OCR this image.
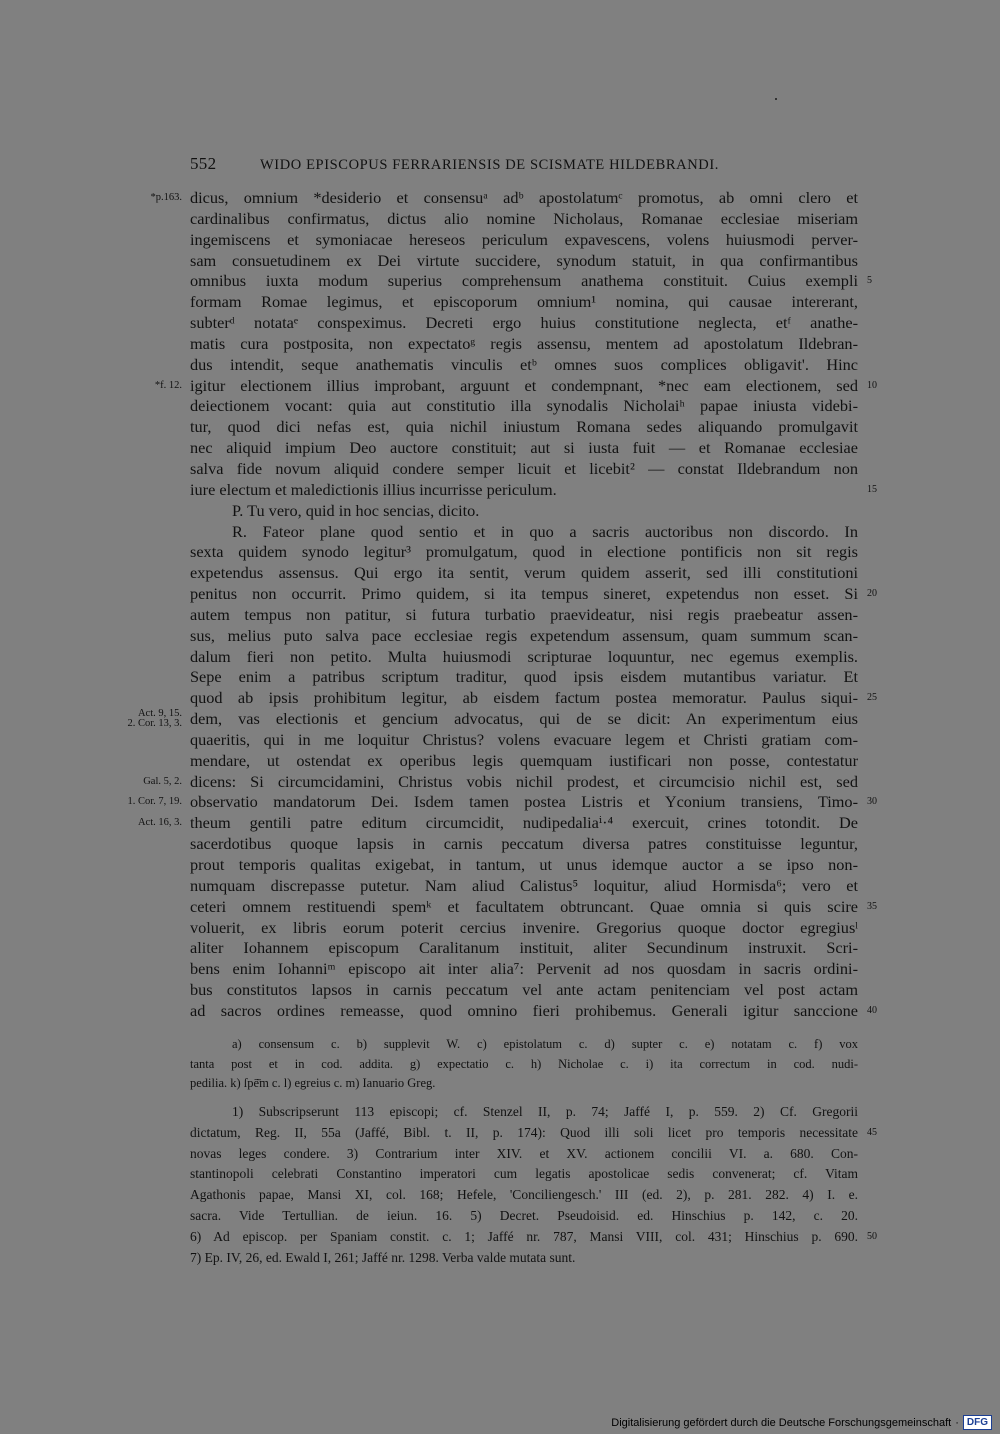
552	WIDO EPISCOPUS FERRARIENSIS DE SCISMATE HILDEBRANDI.
dicus, omnium *desiderio et consensuᵃ adᵇ apostolatumᶜ promotus, ab omni clero et
*p.163.
cardinalibus confirmatus, dictus alio nomine Nicholaus, Romanae ecclesiae miseriam
ingemiscens et symoniacae hereseos periculum expavescens, volens huiusmodi perver-
sam consuetudinem ex Dei virtute succidere, synodum statuit, in qua confirmantibus
omnibus iuxta modum superius comprehensum anathema constituit. Cuius exempli 5
formam Romae legimus, et episcoporum omnium¹ nomina, qui causae intererant,
subterᵈ notataᵉ conspeximus. Decreti ergo huius constitutione neglecta, etᶠ anathe-
matis cura postposita, non expectatoᵍ regis assensu, mentem ad apostolatum Ildebran-
dus intendit, seque anathematis vinculis etᵇ omnes suos complices obligavit'. Hinc
igitur electionem illius improbant, arguunt et condempnant, *nec eam electionem, sed
*f. 12.	10
deiectionem vocant: quia aut constitutio illa synodalis Nicholaiʰ papae iniusta videbi-
tur, quod dici nefas est, quia nichil iniustum Romana sedes aliquando promulgavit
nec aliquid impium Deo auctore constituit; aut si iusta fuit — et Romanae ecclesiae
salva fide novum aliquid condere semper licuit et licebit² — constat Ildebrandum non
iure electum et maledictionis illius incurrisse periculum.	15
P. Tu vero, quid in hoc sencias, dicito.
R. Fateor plane quod sentio et in quo a sacris auctoribus non discordo. In
sexta quidem synodo legitur³ promulgatum, quod in electione pontificis non sit regis
expetendus assensus. Qui ergo ita sentit, verum quidem asserit, sed illi constitutioni
penitus non occurrit. Primo quidem, si ita tempus sineret, expetendus non esset. Si 20
autem tempus non patitur, si futura turbatio praevideatur, nisi regis praebeatur assen-
sus, melius puto salva pace ecclesiae regis expetendum assensum, quam summum scan-
dalum fieri non petito. Multa huiusmodi scripturae loquuntur, nec egemus exemplis.
Sepe enim a patribus scriptum traditur, quod ipsis eisdem mutantibus variatur. Et
quod ab ipsis prohibitum legitur, ab eisdem factum postea memoratur. Paulus siqui- 25
dem, vas electionis et gencium advocatus, qui de se dicit: An experimentum eius
Act. 9, 15.
2. Cor. 13, 3.
quaeritis, qui in me loquitur Christus? volens evacuare legem et Christi gratiam com-
mendare, ut ostendat ex operibus legis quemquam iustificari non posse, contestatur
dicens: Si circumcidamini, Christus vobis nichil prodest, et circumcisio nichil est, sed
Gal. 5, 2.
observatio mandatorum Dei. Isdem tamen postea Listris et Yconium transiens, Timo-
1. Cor. 7, 19.	30
theum gentili patre editum circumcidit, nudipedaliaⁱ·⁴ exercuit, crines totondit. De
Act. 16, 3.
sacerdotibus quoque lapsis in carnis peccatum diversa patres constituisse leguntur,
prout temporis qualitas exigebat, in tantum, ut unus idemque auctor a se ipso non-
numquam discrepasse putetur. Nam aliud Calistus⁵ loquitur, aliud Hormisda⁶; vero et
ceteri omnem restituendi spemᵏ et facultatem obtruncant. Quae omnia si quis scire 35
voluerit, ex libris eorum poterit cercius invenire. Gregorius quoque doctor egregiusˡ
aliter Iohannem episcopum Caralitanum instituit, aliter Secundinum instruxit. Scri-
bens enim Iohanniᵐ episcopo ait inter alia⁷: Pervenit ad nos quosdam in sacris ordini-
bus constitutos lapsos in carnis peccatum vel ante actam penitenciam vel post actam
ad sacros ordines remeasse, quod omnino fieri prohibemus. Generali igitur sanccione 40
a) consensum c. b) supplevit W. c) epistolatum c. d) supter c. e) notatam c. f) vox
tanta post et in cod. addita. g) expectatio c. h) Nicholae c. i) ita correctum in cod. nudi-
pedilia. k) ſpē̄m c. l) egreius c. m) Ianuario Greg.
1) Subscripserunt 113 episcopi; cf. Stenzel II, p. 74; Jaffé I, p. 559. 2) Cf. Gregorii
dictatum, Reg. II, 55a (Jaffé, Bibl. t. II, p. 174): Quod illi soli licet pro temporis necessitate 45
novas leges condere. 3) Contrarium inter XIV. et XV. actionem concilii VI. a. 680. Con-
stantinopoli celebrati Constantino imperatori cum legatis apostolicae sedis convenerat; cf. Vitam
Agathonis papae, Mansi XI, col. 168; Hefele, 'Conciliengesch.' III (ed. 2), p. 281. 282. 4) I. e.
sacra. Vide Tertullian. de ieiun. 16. 5) Decret. Pseudoisid. ed. Hinschius p. 142, c. 20.
6) Ad episcop. per Spaniam constit. c. 1; Jaffé nr. 787, Mansi VIII, col. 431; Hinschius p. 690. 50
7) Ep. IV, 26, ed. Ewald I, 261; Jaffé nr. 1298. Verba valde mutata sunt.
Digitalisierung gefördert durch die Deutsche Forschungsgemeinschaft · DFG
